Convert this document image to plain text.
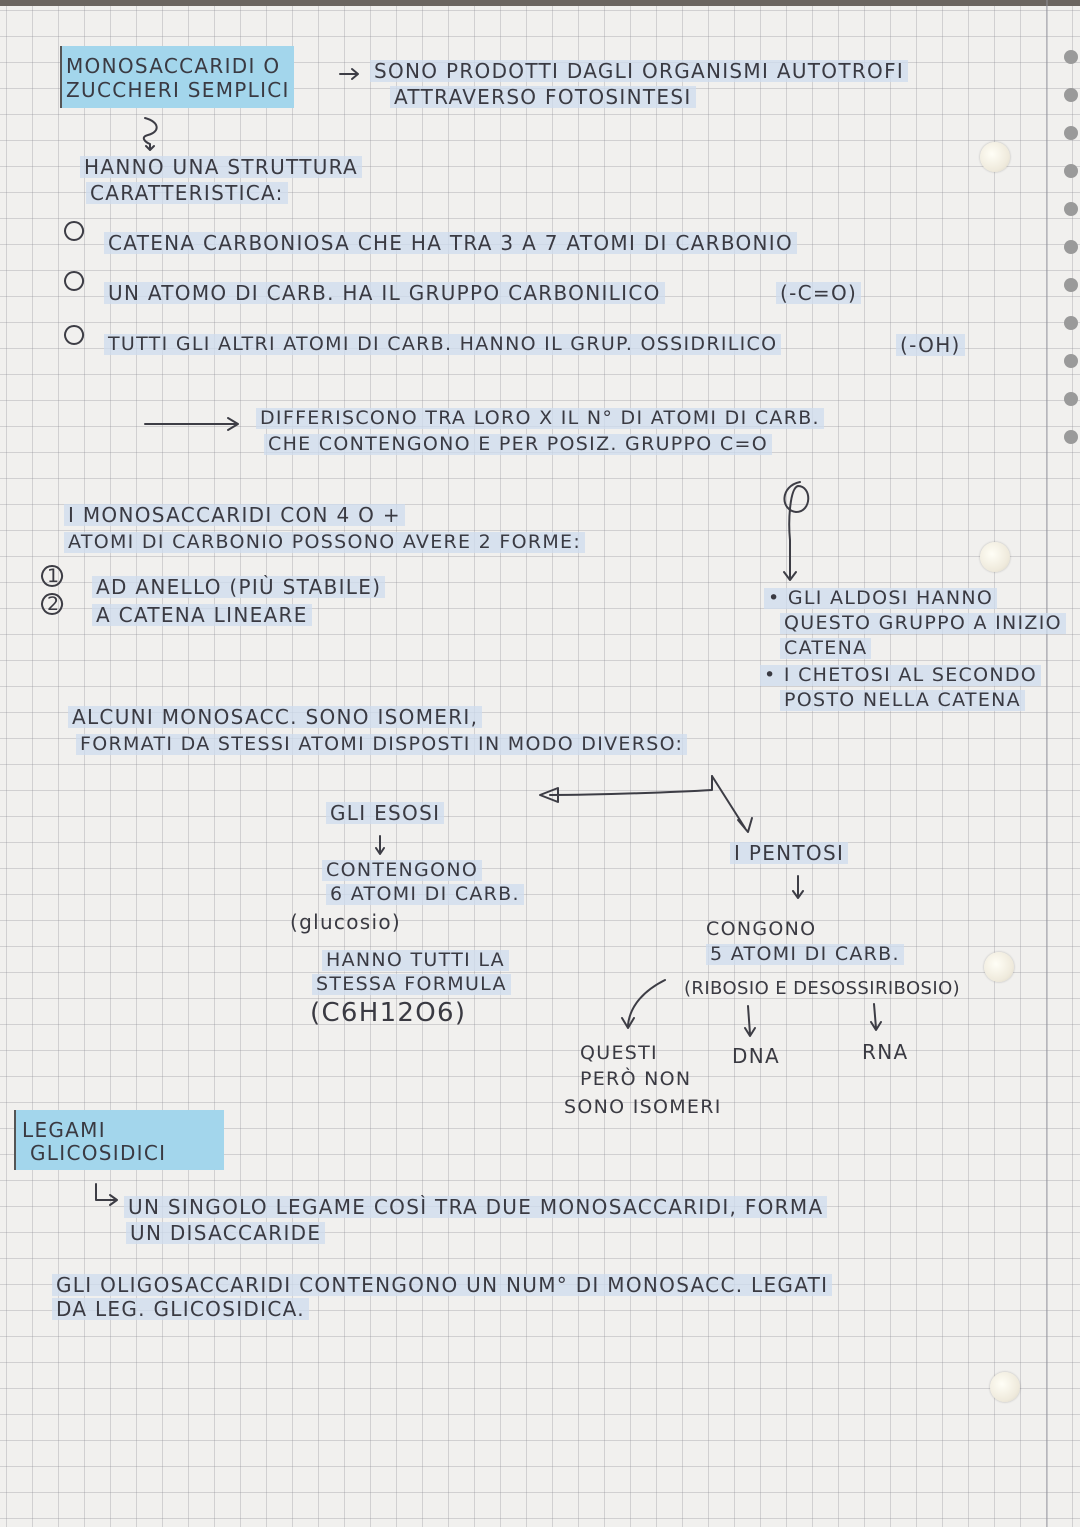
MONOSACCARIDI O
ZUCCHERI SEMPLICI
SONO PRODOTTI DAGLI ORGANISMI AUTOTROFI
ATTRAVERSO FOTOSINTESI
HANNO UNA STRUTTURA
CARATTERISTICA:
CATENA CARBONIOSA CHE HA TRA 3 A 7 ATOMI DI CARBONIO
UN ATOMO DI CARB. HA IL GRUPPO CARBONILICO	(-C=O)
TUTTI GLI ALTRI ATOMI DI CARB. HANNO IL GRUP. OSSIDRILICO	(-OH)
DIFFERISCONO TRA LORO X IL N° DI ATOMI DI CARB.
CHE CONTENGONO E PER POSIZ. GRUPPO C=O
I MONOSACCARIDI CON 4 O +
ATOMI DI CARBONIO POSSONO AVERE 2 FORME:
1 AD ANELLO (PIÙ STABILE)
2 A CATENA LINEARE
• GLI ALDOSI HANNO
QUESTO GRUPPO A INIZIO
CATENA
• I CHETOSI AL SECONDO
POSTO NELLA CATENA
ALCUNI MONOSACC. SONO ISOMERI,
FORMATI DA STESSI ATOMI DISPOSTI IN MODO DIVERSO:
GLI ESOSI
CONTENGONO
6 ATOMI DI CARB.
(glucosio)
HANNO TUTTI LA
STESSA FORMULA
(C6H12O6)
I PENTOSI
CONGONO
5 ATOMI DI CARB.
(RIBOSIO E DESOSSIRIBOSIO)
QUESTI
PERÒ NON
SONO ISOMERI
DNA	RNA
LEGAMI
GLICOSIDICI
UN SINGOLO LEGAME COSÌ TRA DUE MONOSACCARIDI, FORMA
UN DISACCARIDE
GLI OLIGOSACCARIDI CONTENGONO UN NUM° DI MONOSACC. LEGATI
DA LEG. GLICOSIDICA.
